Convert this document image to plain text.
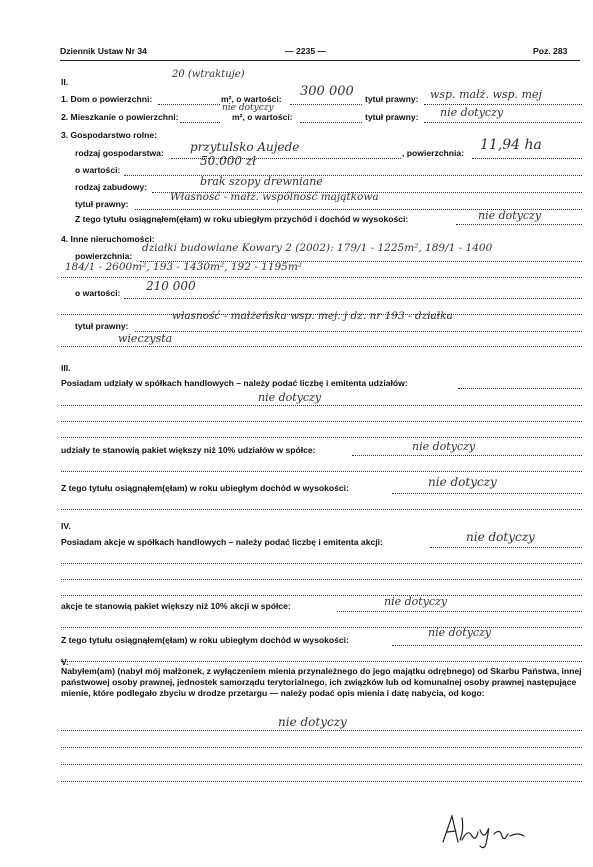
Dziennik Ustaw Nr 34	— 2235 —	Poz. 283
II.
1. Dom o powierzchni:
20 (wtraktuje)
m², o wartości: 300 000 tytuł prawny: wsp. małż. wsp. mej
2. Mieszkanie o powierzchni:
nie dotyczy
m², o wartości:	tytuł prawny: nie dotyczy
3. Gospodarstwo rolne:
rodzaj gospodarstwa: przytulsko Aujede	, powierzchnia: 11,94 ha
o wartości:
50.000 zł
rodzaj zabudowy:	brak szopy drewniane
tytuł prawny:
Własność - małż. wspólność majątkowa
Z tego tytułu osiągnąłem(ęłam) w roku ubiegłym przychód i dochód w wysokości:	nie dotyczy
4. Inne nieruchomości:
powierzchnia:
działki budowlane Kowary 2 (2002): 179/1 - 1225m², 189/1 - 1400
184/1 - 2600m², 193 - 1430m², 192 - 1195m²
o wartości: 210 000
tytuł prawny:
własność - małżeńska wsp. mej. j dz. nr 193 - działka
wieczysta
III.
Posiadam udziały w spółkach handlowych – należy podać liczbę i emitenta udziałów:
nie dotyczy
udziały te stanowią pakiet większy niż 10% udziałów w spółce:	nie dotyczy
Z tego tytułu osiągnąłem(ęłam) w roku ubiegłym dochód w wysokości:	nie dotyczy
IV.
Posiadam akcje w spółkach handlowych – należy podać liczbę i emitenta akcji:	nie dotyczy
akcje te stanowią pakiet większy niż 10% akcji w spółce:	nie dotyczy
Z tego tytułu osiągnąłem(ęłam) w roku ubiegłym dochód w wysokości:
nie dotyczy
V.
Nabyłem(am) (nabył mój małżonek, z wyłączeniem mienia przynależnego do jego majątku odrębnego) od Skarbu Państwa, innej państwowej osoby prawnej, jednostek samorządu terytorialnego, ich związków lub od komunalnej osoby prawnej następujące mienie, które podlegało zbyciu w drodze przetargu — należy podać opis mienia i datę nabycia, od kogo:
nie dotyczy
